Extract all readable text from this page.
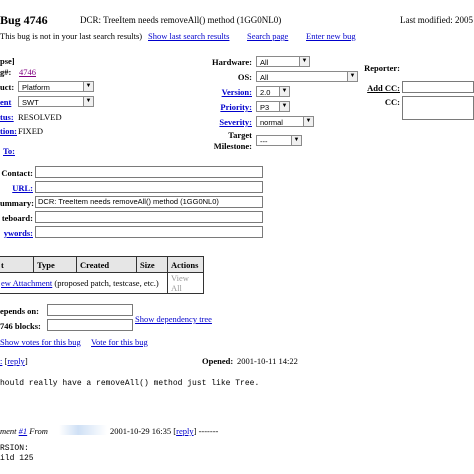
Bug 4746	DCR: TreeItem needs removeAll() method (1GG0NL0)	Last modified: 2005
This bug is not in your last search results) Show last search results Search page Enter new bug
pse]
g#: 4746
uct:	Platform	▼
ent	SWT	▼
tus: RESOLVED
tion: FIXED
To:
Hardware:	All	▼
OS:	All	▼
Version:	2.0	▼
Priority:	P3	▼
Severity:	normal	▼
Target
Milestone:	---	▼
Reporter:
Add CC:
CC:
Contact:
URL:
ummary: DCR: TreeItem needs removeAll() method (1GG0NL0)
teboard:
ywords:
t	Type	Created	Size	Actions
ew Attachment (proposed patch, testcase, etc.)				View All
epends on:
746 blocks:
Show dependency tree
Show votes for this bug Vote for this bug
: [reply]	Opened: 2001-10-11 14:22
hould really have a removeAll() method just like Tree.
ment #1 From	2001-10-29 16:35 [reply] -------
RSION:
ild 125
